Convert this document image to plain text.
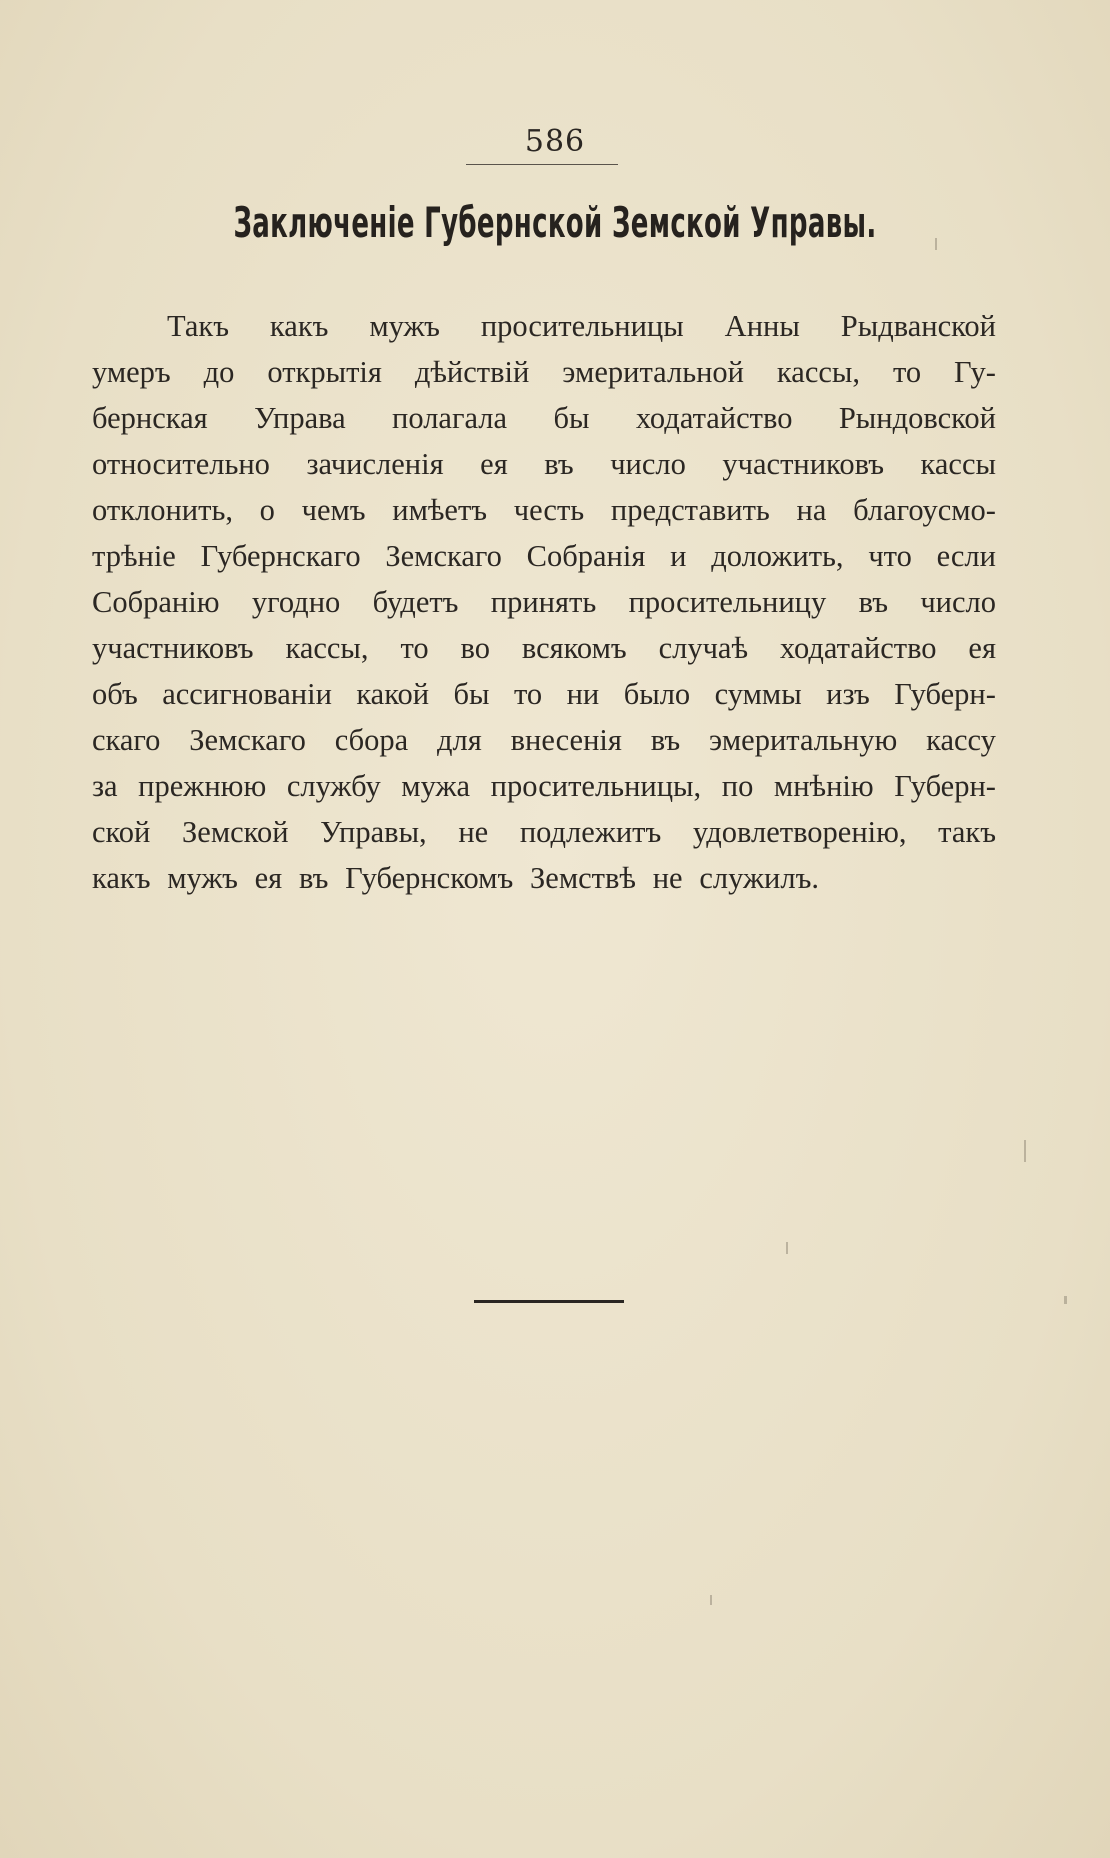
586
Заключеніе Губернской Земской Управы.
Такъ какъ мужъ просительницы Анны Рыдванской
умеръ до открытія дѣйствій эмеритальной кассы, то Гу-
бернская Управа полагала бы ходатайство Рындовской
относительно зачисленія ея въ число участниковъ кассы
отклонить, о чемъ имѣетъ честь представить на благоусмо-
трѣніе Губернскаго Земскаго Собранія и доложить, что если
Собранію угодно будетъ принять просительницу въ число
участниковъ кассы, то во всякомъ случаѣ ходатайство ея
объ ассигнованіи какой бы то ни было суммы изъ Губерн-
скаго Земскаго сбора для внесенія въ эмеритальную кассу
за прежнюю службу мужа просительницы, по мнѣнію Губерн-
ской Земской Управы, не подлежитъ удовлетворенію, такъ
какъ мужъ ея въ Губернскомъ Земствѣ не служилъ.
